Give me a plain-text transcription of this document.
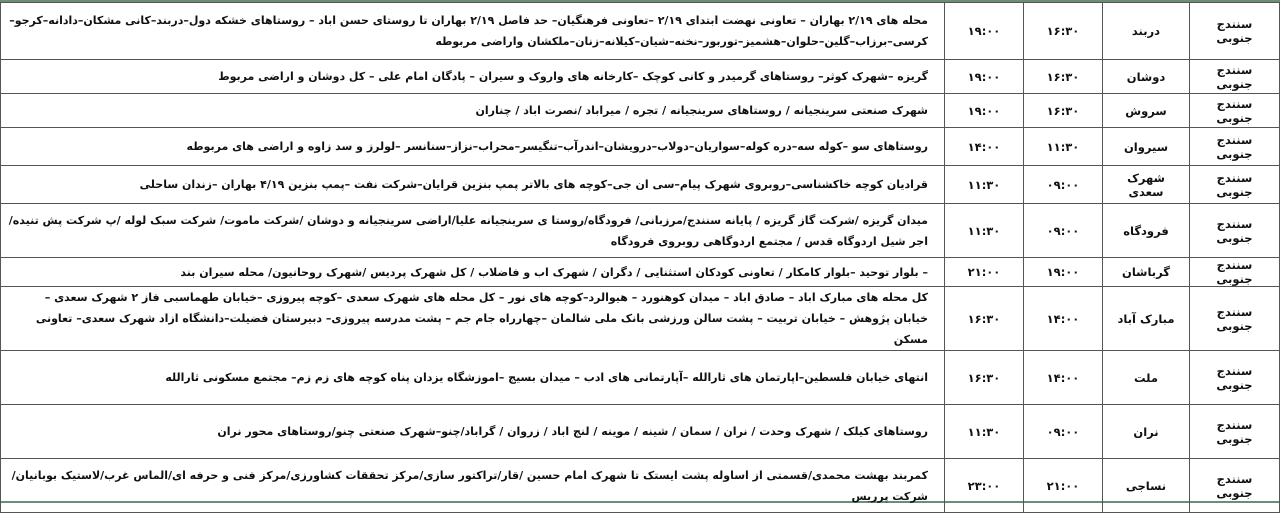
سنندج جنوبی	دربند	۱۶:۳۰	۱۹:۰۰	محله های ۲/۱۹ بهاران – تعاونی نهضت ابتدای ۲/۱۹ –تعاونی فرهنگیان– حد فاصل ۲/۱۹ بهاران تا روستای حسن اباد – روستاهای خشکه دول–دربند–کانی مشکان–دادانه–کرجو–کرسی–برزاب–گلین–حلوان–هشمیز–توربور–نخنه–شیان–کیلانه–زنان–ملکشان واراضی مربوطه
سنندج جنوبی	دوشان	۱۶:۳۰	۱۹:۰۰	گریزه –شهرک کوثر– روستاهای گرمیدر و کانی کوچک –کارخانه های واروک و سیران – پادگان امام علی – کل دوشان و اراضی مربوط
سنندج جنوبی	سروش	۱۶:۳۰	۱۹:۰۰	شهرک صنعتی سرینجیانه / روستاهای سرینجیانه / تجره / میراباد /نصرت اباد / چناران
سنندج جنوبی	سیروان	۱۱:۳۰	۱۴:۰۰	روستاهای سو –کوله سه–دره کوله–سواریان–دولاب–درویشان–اندرآب–تنگیسر–محراب–نزاز–سنانسر –لولرز و سد زاوه و اراضی های مربوطه
سنندج جنوبی	شهرک سعدی	۰۹:۰۰	۱۱:۳۰	قرادیان کوچه خاکشناسی–روبروی شهرک پیام–سی ان جی–کوچه های بالاتر پمپ بنزین قرایان–شرکت نفت –پمپ بنزین ۴/۱۹ بهاران –زندان ساحلی
سنندج جنوبی	فرودگاه	۰۹:۰۰	۱۱:۳۰	میدان گریزه /شرکت گاز گریزه / پایانه سنندج/مرزبانی/ فرودگاه/روستا ی سرینجیانه علیا/اراضی سرینجیانه و دوشان /شرکت ماموت/ شرکت سبک لوله /پ شرکت پش تنیده/اجر شیل اردوگاه قدس / مجتمع اردوگاهی روبروی فرودگاه
سنندج جنوبی	گرباشان	۱۹:۰۰	۲۱:۰۰	– بلوار توحید –بلوار کامکار / تعاونی کودکان استثنایی / دگران / شهرک اب و فاضلاب / کل شهرک پردیس /شهرک روحانیون/ محله سیران بند
سنندج جنوبی	مبارک آباد	۱۴:۰۰	۱۶:۳۰	کل محله های مبارک اباد – صادق اباد – میدان کوهنورد – هیوالرد–کوچه های نور – کل محله های شهرک سعدی –کوچه پیروزی –خیابان طهماسبی فاز ۲ شهرک سعدی – خیابان پژوهش – خیابان تربیت – پشت سالن ورزشی بانک ملی شالمان –چهارراه جام جم – پشت مدرسه پیروزی– دبیرستان فضیلت–دانشگاه ازاد شهرک سعدی– تعاونی مسکن
سنندج جنوبی	ملت	۱۴:۰۰	۱۶:۳۰	انتهای خیابان فلسطین–اپارتمان های ثارالله –آپارتمانی های ادب – میدان بسیج –اموزشگاه یزدان پناه کوچه های زم زم– مجتمع مسکونی ثارالله
سنندج جنوبی	نران	۰۹:۰۰	۱۱:۳۰	روستاهای کیلک / شهرک وحدت / نران / سمان / شینه / موینه / لنج اباد / زروان / گراباد/چنو–شهرک صنعتی چنو/روستاهای محور نران
سنندج جنوبی	نساجی	۲۱:۰۰	۲۳:۰۰	کمربند بهشت محمدی/قسمتی از اساوله پشت ایستک تا شهرک امام حسین /قار/تراکتور سازی/مرکز تحققات کشاورزی/مرکز فنی و حرفه ای/الماس غرب/لاستیک بوبانیان/شرکت پرریس
